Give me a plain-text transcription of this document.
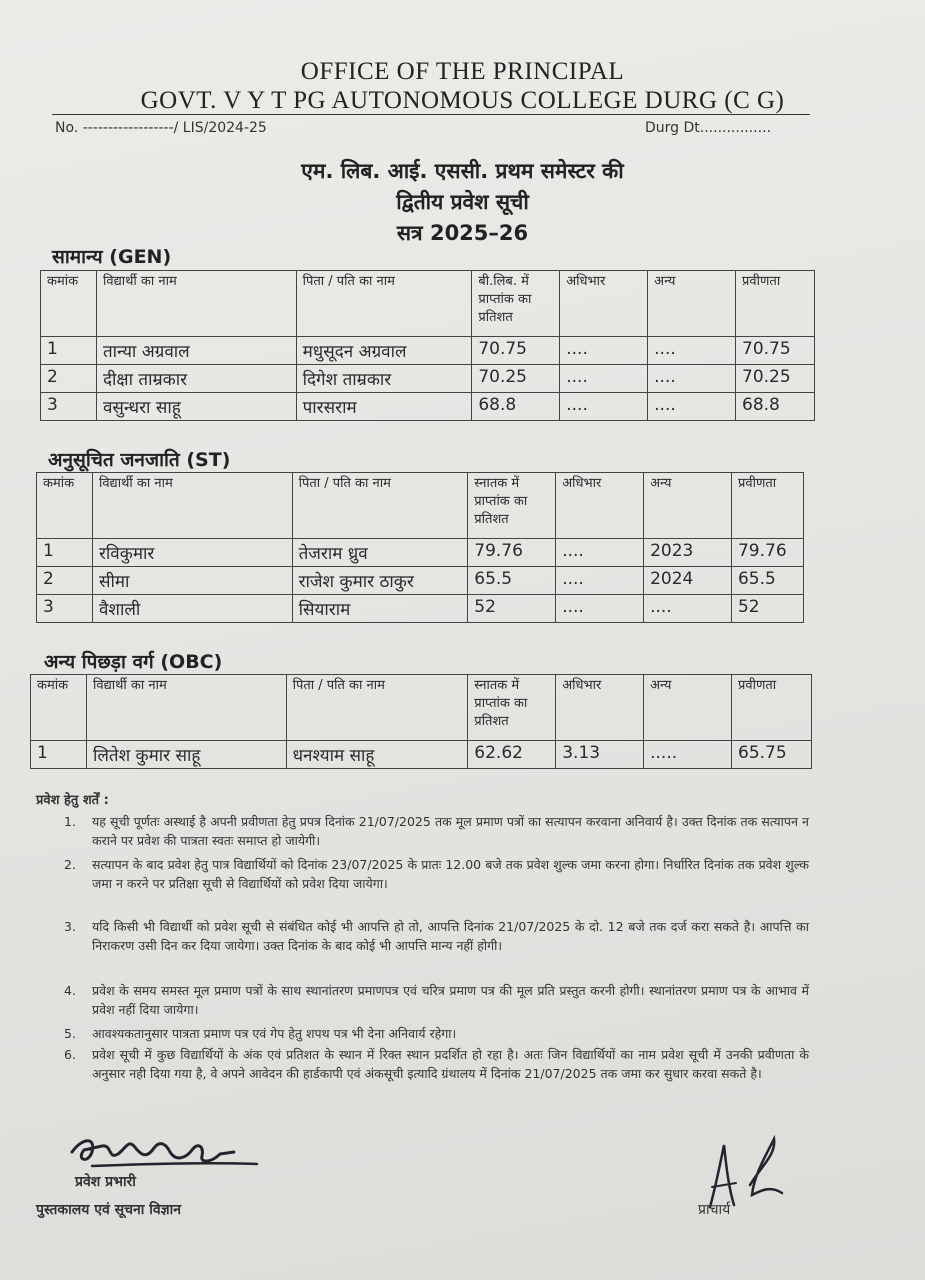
OFFICE OF THE PRINCIPAL
GOVT. V Y T PG AUTONOMOUS COLLEGE DURG (C G)
No. ------------------/ LIS/2024-25	Durg Dt................
एम. लिब. आई. एससी. प्रथम समेस्टर की
द्वितीय प्रवेश सूची
सत्र 2025–26
सामान्य (GEN)
कमांक	विद्यार्थी का नाम	पिता / पति का नाम	बी.लिब. में प्राप्तांक का प्रतिशत	अधिभार	अन्य	प्रवीणता
1	तान्या अग्रवाल	मधुसूदन अग्रवाल	70.75	....	....	70.75
2	दीक्षा ताम्रकार	दिगेश ताम्रकार	70.25	....	....	70.25
3	वसुन्धरा साहू	पारसराम	68.8	....	....	68.8
अनुसूचित जनजाति (ST)
कमांक	विद्यार्थी का नाम	पिता / पति का नाम	स्नातक में प्राप्तांक का प्रतिशत	अधिभार	अन्य	प्रवीणता
1	रविकुमार	तेजराम ध्रुव	79.76	....	2023	79.76
2	सीमा	राजेश कुमार ठाकुर	65.5	....	2024	65.5
3	वैशाली	सियाराम	52	....	....	52
अन्य पिछड़ा वर्ग (OBC)
कमांक	विद्यार्थी का नाम	पिता / पति का नाम	स्नातक में प्राप्तांक का प्रतिशत	अधिभार	अन्य	प्रवीणता
1	लितेश कुमार साहू	धनश्याम साहू	62.62	3.13	.....	65.75
प्रवेश हेतु शर्तें :
1. यह सूची पूर्णतः अस्थाई है अपनी प्रवीणता हेतु प्रपत्र दिनांक 21/07/2025 तक मूल प्रमाण पत्रों का सत्यापन करवाना अनिवार्य है। उक्त दिनांक तक सत्यापन न कराने पर प्रवेश की पात्रता स्वतः समाप्त हो जायेगी।
2. सत्यापन के बाद प्रवेश हेतु पात्र विद्यार्थियों को दिनांक 23/07/2025 के प्रातः 12.00 बजे तक प्रवेश शुल्क जमा करना होगा। निर्धारित दिनांक तक प्रवेश शुल्क जमा न करने पर प्रतिक्षा सूची से विद्यार्थियों को प्रवेश दिया जायेगा।
3. यदि किसी भी विद्यार्थी को प्रवेश सूची से संबंधित कोई भी आपत्ति हो तो, आपत्ति दिनांक 21/07/2025 के दो. 12 बजे तक दर्ज करा सकते है। आपत्ति का निराकरण उसी दिन कर दिया जायेगा। उक्त दिनांक के बाद कोई भी आपत्ति मान्य नहीं होगी।
4. प्रवेश के समय समस्त मूल प्रमाण पत्रों के साथ स्थानांतरण प्रमाणपत्र एवं चरित्र प्रमाण पत्र की मूल प्रति प्रस्तुत करनी होगी। स्थानांतरण प्रमाण पत्र के आभाव में प्रवेश नहीं दिया जायेगा।
5. आवश्यकतानुसार पात्रता प्रमाण पत्र एवं गेप हेतु शपथ पत्र भी देना अनिवार्य रहेगा।
6. प्रवेश सूची में कुछ विद्यार्थियों के अंक एवं प्रतिशत के स्थान में रिक्त स्थान प्रदर्शित हो रहा है। अतः जिन विद्यार्थियों का नाम प्रवेश सूची में उनकी प्रवीणता के अनुसार नही दिया गया है, वे अपने आवेदन की हार्डकापी एवं अंकसूची इत्यादि ग्रंथालय में दिनांक 21/07/2025 तक जमा कर सुधार करवा सकते है।
प्रवेश प्रभारी
पुस्तकालय एवं सूचना विज्ञान	प्राचार्य
